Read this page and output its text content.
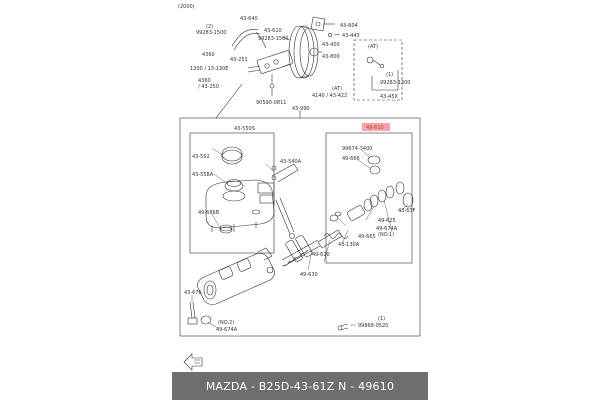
(2000)
43-640
43-604
43-443
(2)
99283-1500	43-610
99283-1500
43-400
43-800
4360
43-251
1300 / 13-130E
4360
/ 43-250
90590-0811
4140 / 43-422
(AT)
43-990
(AT)
(1)
99283-1300
43-45X
43-550S
43-552
43-558A
43-540A
49-686B
43-676
(NO.2)
49-674A
49-610
99674-3400
49-666
49-625
43-63F
49-674A
(NO.1)
49-665
43-130A
49-620
49-630
(1)
99868-0520
MAZDA - B25D-43-61Z N - 49610
